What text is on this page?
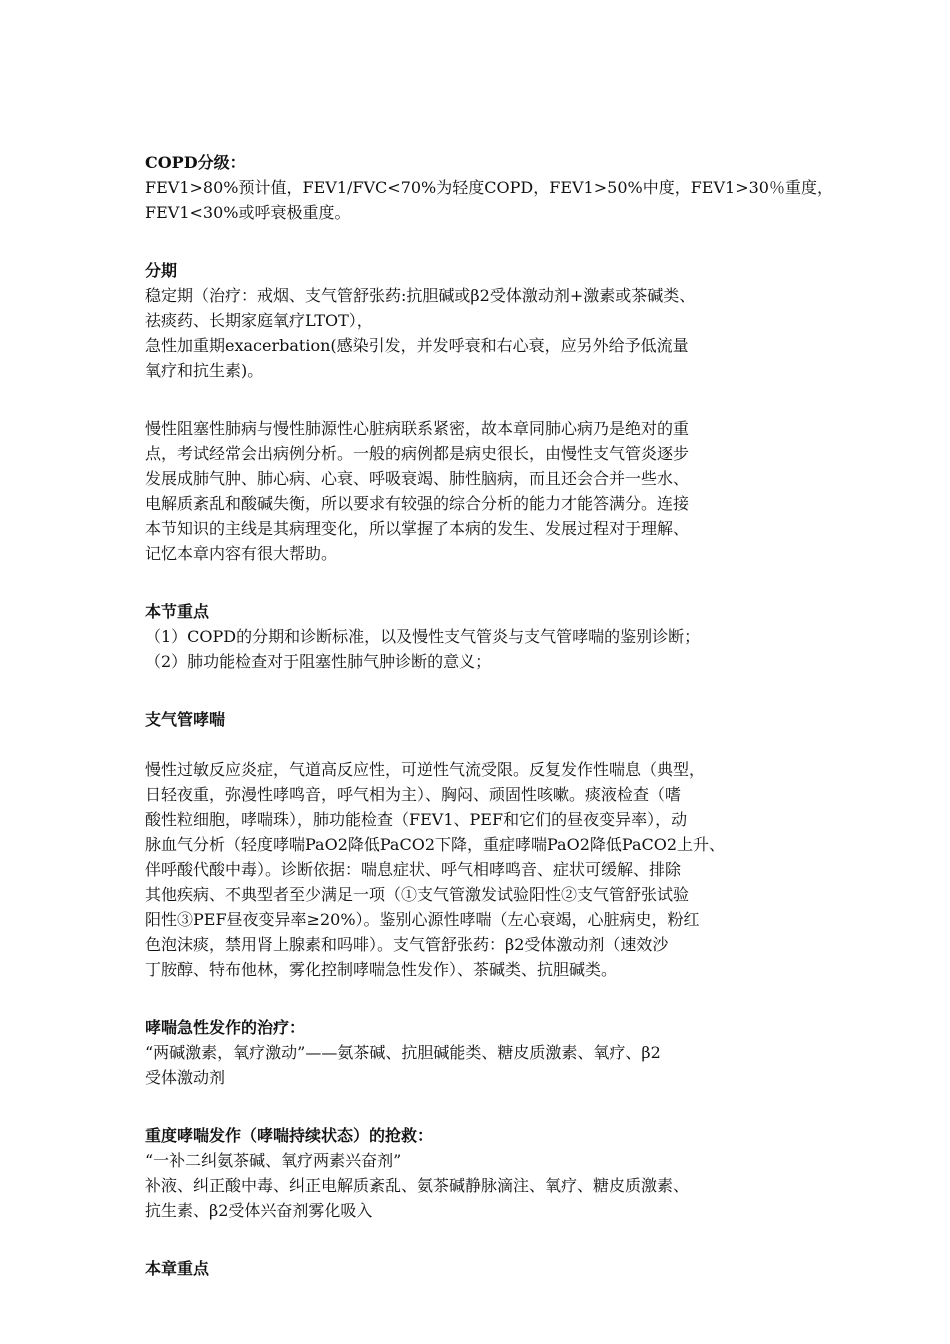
COPD分级：
FEV1>80%预计值，FEV1/FVC<70%为轻度COPD，FEV1>50%中度，FEV1>30％重度，
FEV1<30%或呼衰极重度。
分期
稳定期（治疗：戒烟、支气管舒张药:抗胆碱或β2受体激动剂+激素或茶碱类、
祛痰药、长期家庭氧疗LTOT），
急性加重期exacerbation(感染引发，并发呼衰和右心衰，应另外给予低流量
氧疗和抗生素)。
慢性阻塞性肺病与慢性肺源性心脏病联系紧密，故本章同肺心病乃是绝对的重
点，考试经常会出病例分析。一般的病例都是病史很长，由慢性支气管炎逐步
发展成肺气肿、肺心病、心衰、呼吸衰竭、肺性脑病，而且还会合并一些水、
电解质紊乱和酸碱失衡，所以要求有较强的综合分析的能力才能答满分。连接
本节知识的主线是其病理变化，所以掌握了本病的发生、发展过程对于理解、
记忆本章内容有很大帮助。
本节重点
（1）COPD的分期和诊断标准，以及慢性支气管炎与支气管哮喘的鉴别诊断；
（2）肺功能检查对于阻塞性肺气肿诊断的意义；
支气管哮喘
慢性过敏反应炎症，气道高反应性，可逆性气流受限。反复发作性喘息（典型，
日轻夜重，弥漫性哮鸣音，呼气相为主）、胸闷、顽固性咳嗽。痰液检查（嗜
酸性粒细胞，哮喘珠），肺功能检查（FEV1、PEF和它们的昼夜变异率），动
脉血气分析（轻度哮喘PaO2降低PaCO2下降，重症哮喘PaO2降低PaCO2上升、
伴呼酸代酸中毒）。诊断依据：喘息症状、呼气相哮鸣音、症状可缓解、排除
其他疾病、不典型者至少满足一项（①支气管激发试验阳性②支气管舒张试验
阳性③PEF昼夜变异率≥20%）。鉴别心源性哮喘（左心衰竭，心脏病史，粉红
色泡沫痰，禁用肾上腺素和吗啡）。支气管舒张药：β2受体激动剂（速效沙
丁胺醇、特布他林，雾化控制哮喘急性发作）、茶碱类、抗胆碱类。
哮喘急性发作的治疗：
“两碱激素，氧疗激动”——氨茶碱、抗胆碱能类、糖皮质激素、氧疗、β2
受体激动剂
重度哮喘发作（哮喘持续状态）的抢救：
“一补二纠氨茶碱、氧疗两素兴奋剂”
补液、纠正酸中毒、纠正电解质紊乱、氨茶碱静脉滴注、氧疗、糖皮质激素、
抗生素、β2受体兴奋剂雾化吸入
本章重点
